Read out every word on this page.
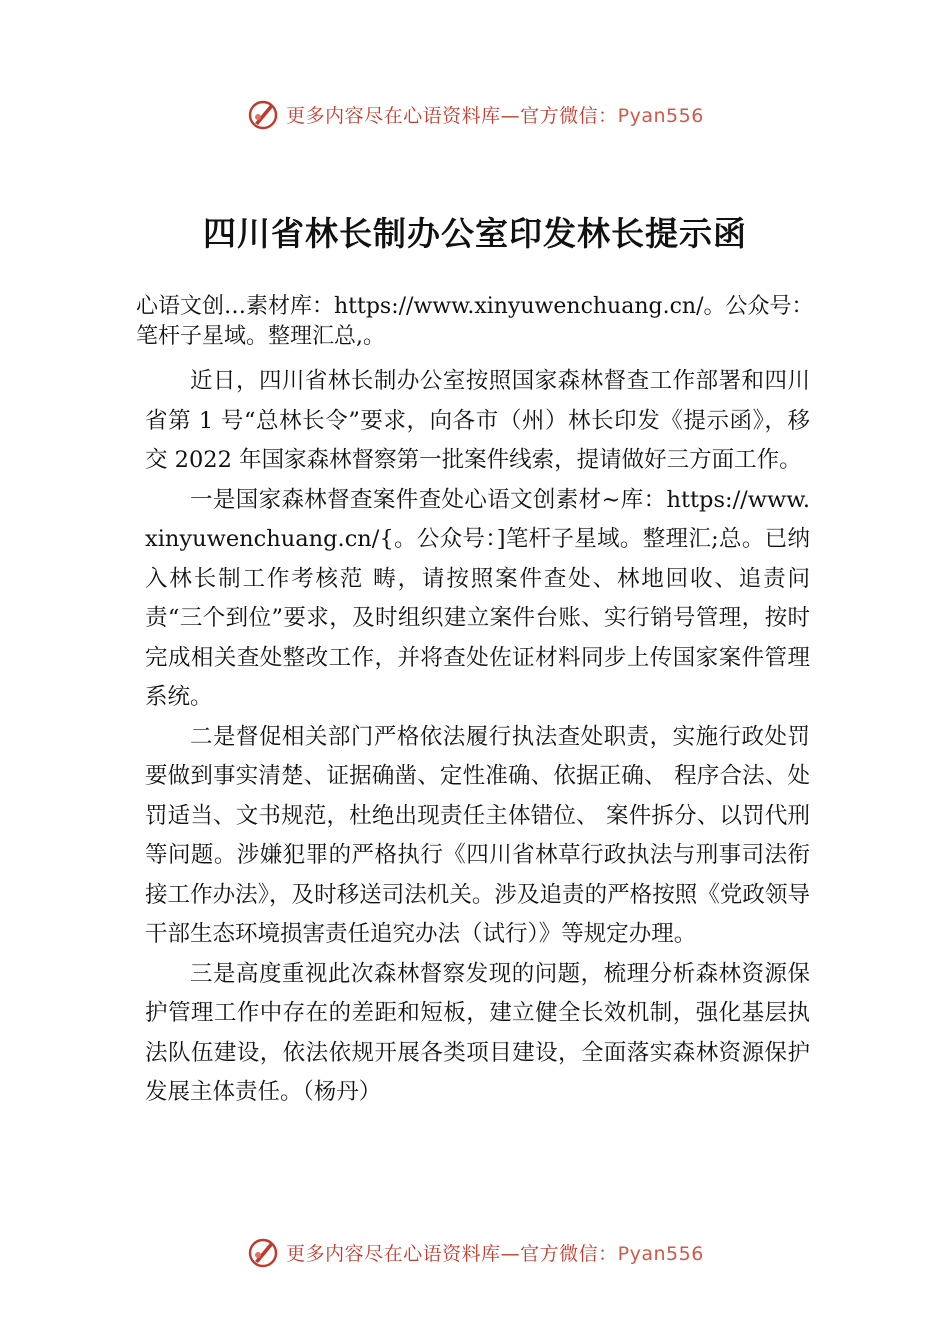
更多内容尽在心语资料库—官方微信：Pyan556
四川省林长制办公室印发林长提示函

心语文创…素材库：https://www.xinyuwenchuang.cn/。公众号：笔杆子星域。整理汇总,。

近日，四川省林长制办公室按照国家森林督查工作部署和四川省第 1 号“总林长令”要求，向各市（州）林长印发《提示函》，移交 2022 年国家森林督察第一批案件线索，提请做好三方面工作。

一是国家森林督查案件查处心语文创素材~库：https://www.xinyuwenchuang.cn/{。公众号：]笔杆子星域。整理汇;总。已纳入林长制工作考核范 畴，请按照案件查处、林地回收、追责问责“三个到位”要求，及时组织建立案件台账、实行销号管理，按时完成相关查处整改工作，并将查处佐证材料同步上传国家案件管理系统。

二是督促相关部门严格依法履行执法查处职责，实施行政处罚要做到事实清楚、证据确凿、定性准确、依据正确、 程序合法、处罚适当、文书规范，杜绝出现责任主体错位、 案件拆分、以罚代刑等问题。涉嫌犯罪的严格执行《四川省林草行政执法与刑事司法衔接工作办法》，及时移送司法机关。涉及追责的严格按照《党政领导干部生态环境损害责任追究办法（试行）》等规定办理。

三是高度重视此次森林督察发现的问题，梳理分析森林资源保护管理工作中存在的差距和短板，建立健全长效机制，强化基层执法队伍建设，依法依规开展各类项目建设，全面落实森林资源保护发展主体责任。（杨丹）

更多内容尽在心语资料库—官方微信：Pyan556
